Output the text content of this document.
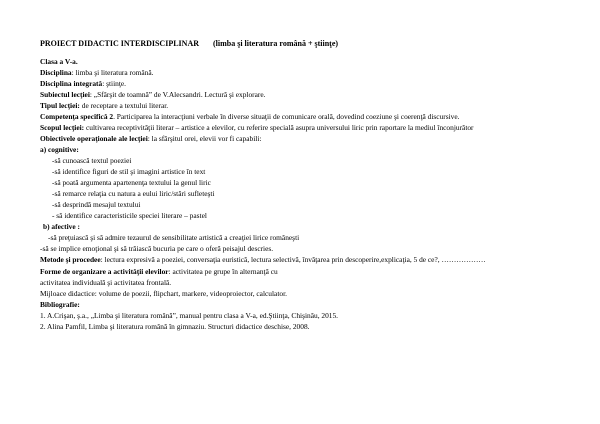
PROIECT DIDACTIC INTERDISCIPLINAR (limba şi literatura română + ştiinţe)
Clasa a V-a.
Disciplina: limba şi literatura română.
Disciplina integrată: ştiinţe.
Subiectul lecţiei: „Sfârşit de toamnă” de V.Alecsandri. Lectură şi explorare.
Tipul lecţiei: de receptare a textului literar.
Competenţa specifică 2. Participarea la interacţiuni verbale în diverse situaţii de comunicare orală, dovedind coeziune şi coerenţă discursive.
Scopul lecţiei: cultivarea receptivităţii literar – artistice a elevilor, cu referire specială asupra universului liric prin raportare la mediul înconjurător
Obiectivele operaţionale ale lecţiei: la sfârşitul orei, elevii vor fi capabili:
a) cognitive:
-să cunoască textul poeziei
-să identifice figuri de stil şi imagini artistice în text
-să poată argumenta apartenenţa textului la genul liric
-să remarce relaţia cu natura a eului liric/stări sufleteşti
-să desprindă mesajul textului
- să identifice caracteristicile speciei literare – pastel
b) afective :
-să preţuiască şi să admire tezaurul de sensibilitate artistică a creaţiei lirice româneşti
-să se implice emoţional şi să trăiască bucuria pe care o oferă peisajul descries.
Metode şi procedee: lectura expresivă a poeziei, conversaţia euristică, lectura selectivă, învăţarea prin descoperire,explicaţia, 5 de ce?, ………………
Forme de organizare a activităţii elevilor: activitatea pe grupe în alternanţă cu
activitatea individuală şi activitatea frontală.
Mijloace didactice: volume de poezii, flipchart, markere, videoproiector, calculator.
Bibliografie:
1. A.Crişan, ş.a., „Limba şi literatura română”, manual pentru clasa a V-a, ed.Ştiinţa, Chişinău, 2015.
2. Alina Pamfil, Limba şi literatura română în gimnaziu. Structuri didactice deschise, 2008.
